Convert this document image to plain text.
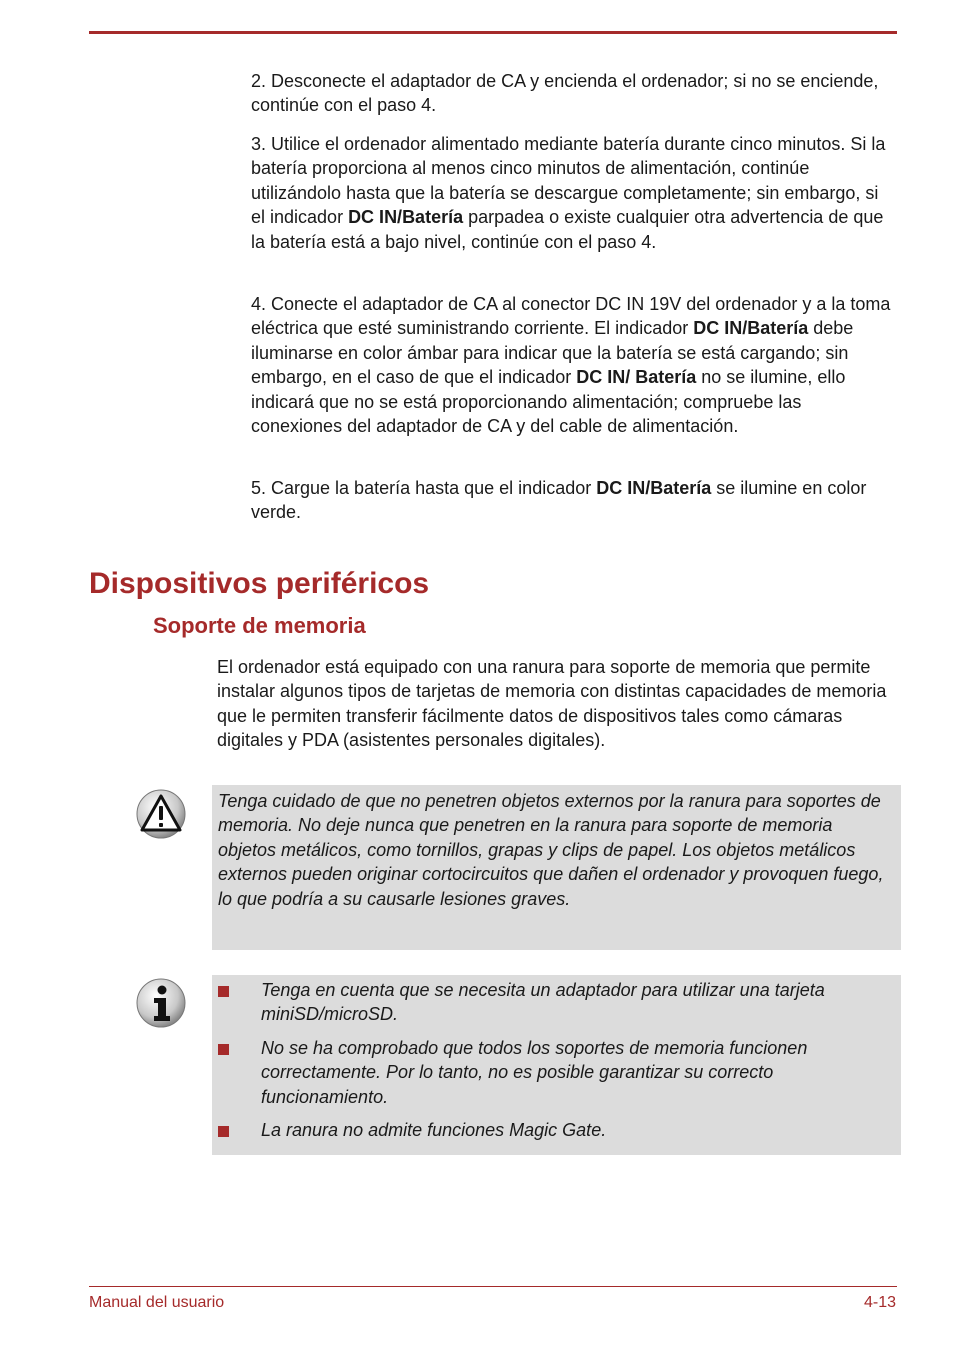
2. Desconecte el adaptador de CA y encienda el ordenador; si no se enciende, continúe con el paso 4.

3. Utilice el ordenador alimentado mediante batería durante cinco minutos. Si la batería proporciona al menos cinco minutos de alimentación, continúe utilizándolo hasta que la batería se descargue completamente; sin embargo, si el indicador DC IN/Batería parpadea o existe cualquier otra advertencia de que la batería está a bajo nivel, continúe con el paso 4.

4. Conecte el adaptador de CA al conector DC IN 19V del ordenador y a la toma eléctrica que esté suministrando corriente. El indicador DC IN/Batería debe iluminarse en color ámbar para indicar que la batería se está cargando; sin embargo, en el caso de que el indicador DC IN/ Batería no se ilumine, ello indicará que no se está proporcionando alimentación; compruebe las conexiones del adaptador de CA y del cable de alimentación.

5. Cargue la batería hasta que el indicador DC IN/Batería se ilumine en color verde.

Dispositivos periféricos
Soporte de memoria

El ordenador está equipado con una ranura para soporte de memoria que permite instalar algunos tipos de tarjetas de memoria con distintas capacidades de memoria que le permiten transferir fácilmente datos de dispositivos tales como cámaras digitales y PDA (asistentes personales digitales).

Tenga cuidado de que no penetren objetos externos por la ranura para soportes de memoria. No deje nunca que penetren en la ranura para soporte de memoria objetos metálicos, como tornillos, grapas y clips de papel. Los objetos metálicos externos pueden originar cortocircuitos que dañen el ordenador y provoquen fuego, lo que podría a su causarle lesiones graves.

Tenga en cuenta que se necesita un adaptador para utilizar una tarjeta miniSD/microSD.
No se ha comprobado que todos los soportes de memoria funcionen correctamente. Por lo tanto, no es posible garantizar su correcto funcionamiento.
La ranura no admite funciones Magic Gate.
Manual del usuario	4-13
